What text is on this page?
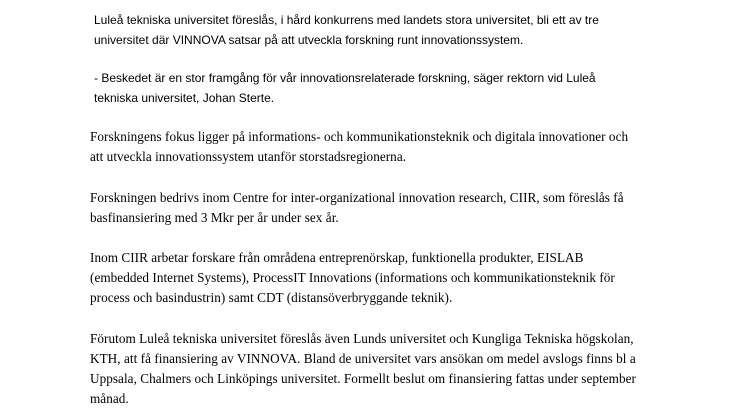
Luleå tekniska universitet föreslås, i hård konkurrens med landets stora universitet, bli ett av tre
universitet där VINNOVA satsar på att utveckla forskning runt innovationssystem.

- Beskedet är en stor framgång för vår innovationsrelaterade forskning, säger rektorn vid Luleå
tekniska universitet, Johan Sterte.

Forskningens fokus ligger på informations- och kommunikationsteknik och digitala innovationer och
att utveckla innovationssystem utanför storstadsregionerna.

Forskningen bedrivs inom Centre for inter-organizational innovation research, CIIR, som föreslås få
basfinansiering med 3 Mkr per år under sex år.

Inom CIIR arbetar forskare från områdena entreprenörskap, funktionella produkter, EISLAB
(embedded Internet Systems), ProcessIT Innovations (informations och kommunikationsteknik för
process och basindustrin) samt CDT (distansöverbryggande teknik).

Förutom Luleå tekniska universitet föreslås även Lunds universitet och Kungliga Tekniska högskolan,
KTH, att få finansiering av VINNOVA. Bland de universitet vars ansökan om medel avslogs finns bl a
Uppsala, Chalmers och Linköpings universitet. Formellt beslut om finansiering fattas under september
månad.
